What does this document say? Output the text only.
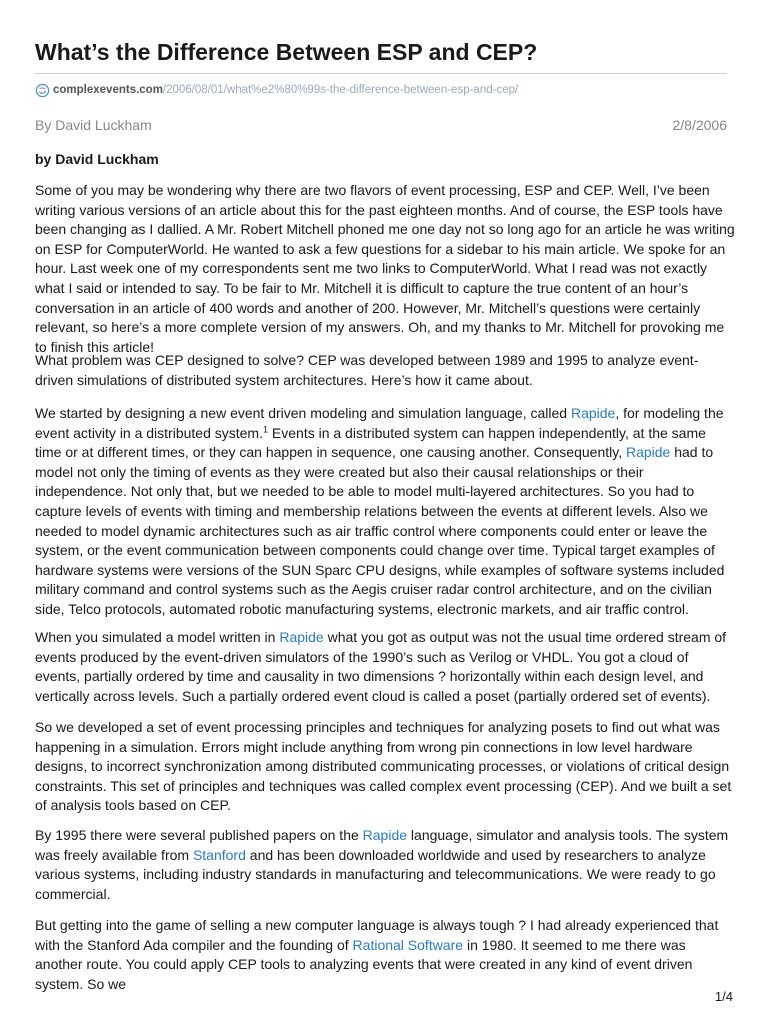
What’s the Difference Between ESP and CEP?
complexevents.com /2006/08/01/what%e2%80%99s-the-difference-between-esp-and-cep/
By David Luckham	2/8/2006

by David Luckham

Some of you may be wondering why there are two flavors of event processing, ESP and CEP. Well, I’ve been writing various versions of an article about this for the past eighteen months. And of course, the ESP tools have been changing as I dallied. A Mr. Robert Mitchell phoned me one day not so long ago for an article he was writing on ESP for ComputerWorld. He wanted to ask a few questions for a sidebar to his main article. We spoke for an hour. Last week one of my correspondents sent me two links to ComputerWorld. What I read was not exactly what I said or intended to say. To be fair to Mr. Mitchell it is difficult to capture the true content of an hour’s conversation in an article of 400 words and another of 200. However, Mr. Mitchell’s questions were certainly relevant, so here’s a more complete version of my answers. Oh, and my thanks to Mr. Mitchell for provoking me to finish this article!

What problem was CEP designed to solve? CEP was developed between 1989 and 1995 to analyze event-driven simulations of distributed system architectures. Here’s how it came about.

We started by designing a new event driven modeling and simulation language, called Rapide, for modeling the event activity in a distributed system.$^1$ Events in a distributed system can happen independently, at the same time or at different times, or they can happen in sequence, one causing another. Consequently, Rapide had to model not only the timing of events as they were created but also their causal relationships or their independence. Not only that, but we needed to be able to model multi-layered architectures. So you had to capture levels of events with timing and membership relations between the events at different levels. Also we needed to model dynamic architectures such as air traffic control where components could enter or leave the system, or the event communication between components could change over time. Typical target examples of hardware systems were versions of the SUN Sparc CPU designs, while examples of software systems included military command and control systems such as the Aegis cruiser radar control architecture, and on the civilian side, Telco protocols, automated robotic manufacturing systems, electronic markets, and air traffic control.

When you simulated a model written in Rapide what you got as output was not the usual time ordered stream of events produced by the event-driven simulators of the 1990’s such as Verilog or VHDL. You got a cloud of events, partially ordered by time and causality in two dimensions ? horizontally within each design level, and vertically across levels. Such a partially ordered event cloud is called a poset (partially ordered set of events).

So we developed a set of event processing principles and techniques for analyzing posets to find out what was happening in a simulation. Errors might include anything from wrong pin connections in low level hardware designs, to incorrect synchronization among distributed communicating processes, or violations of critical design constraints. This set of principles and techniques was called complex event processing (CEP). And we built a set of analysis tools based on CEP.

By 1995 there were several published papers on the Rapide language, simulator and analysis tools. The system was freely available from Stanford and has been downloaded worldwide and used by researchers to analyze various systems, including industry standards in manufacturing and telecommunications. We were ready to go commercial.

But getting into the game of selling a new computer language is always tough ? I had already experienced that with the Stanford Ada compiler and the founding of Rational Software in 1980. It seemed to me there was another route. You could apply CEP tools to analyzing events that were created in any kind of event driven system. So we

1/4
